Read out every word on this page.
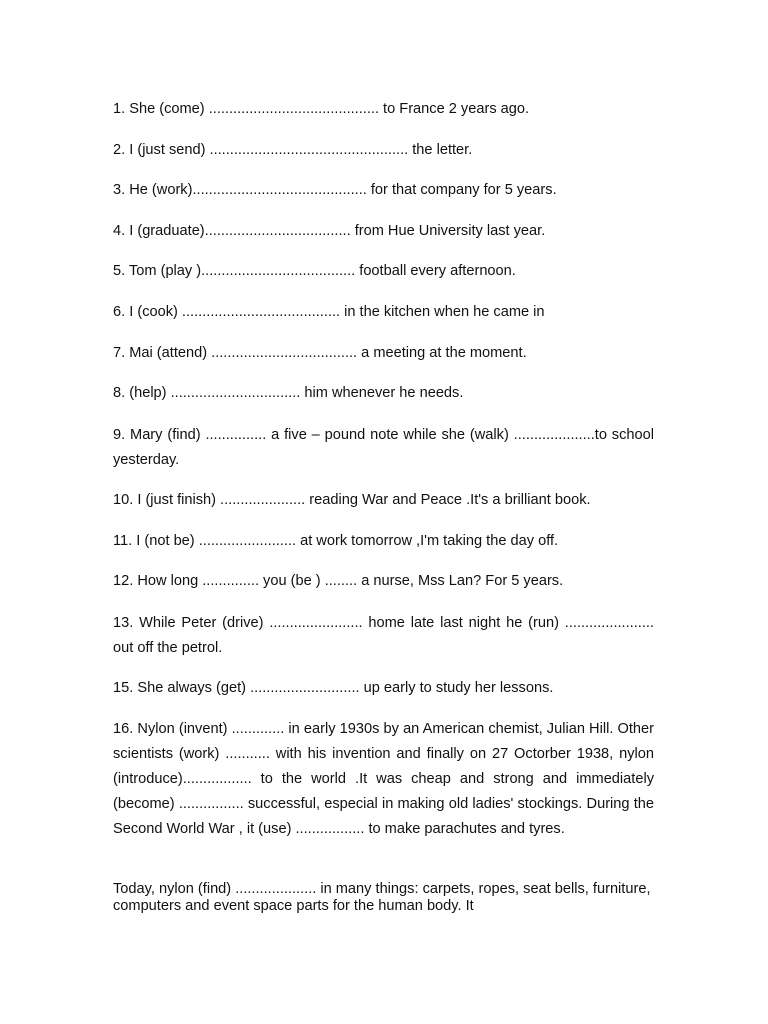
1. She (come) .......................................... to France 2 years ago.

2. I (just send) ................................................. the letter.

3. He (work)........................................... for that company for 5 years.

4. I (graduate).................................... from Hue University last year.

5. Tom (play )...................................... football every afternoon.

6. I (cook) ....................................... in the kitchen when he came in

7. Mai (attend) .................................... a meeting at the moment.

8. (help) ................................ him whenever he needs.

9. Mary (find) ............... a five – pound note while she (walk) ....................to school yesterday.

10. I (just finish) ..................... reading War and Peace .It's a brilliant book.

11. I (not be) ........................ at work tomorrow ,I'm taking the day off.

12. How long .............. you (be ) ........ a nurse, Mss Lan? For 5 years.

13. While Peter (drive) ....................... home late last night he (run) ...................... out off the petrol.

15. She always (get) ........................... up early to study her lessons.

16. Nylon (invent) ............. in early 1930s by an American chemist, Julian Hill. Other scientists (work) ........... with his invention and finally on 27 Octorber 1938, nylon (introduce)................. to the world .It was cheap and strong and immediately (become) ................ successful, especial in making old ladies' stockings. During the Second World War , it (use) ................. to make parachutes and tyres.

Today, nylon (find) .................... in many things: carpets, ropes, seat bells, furniture, computers and event space parts for the human body. It
